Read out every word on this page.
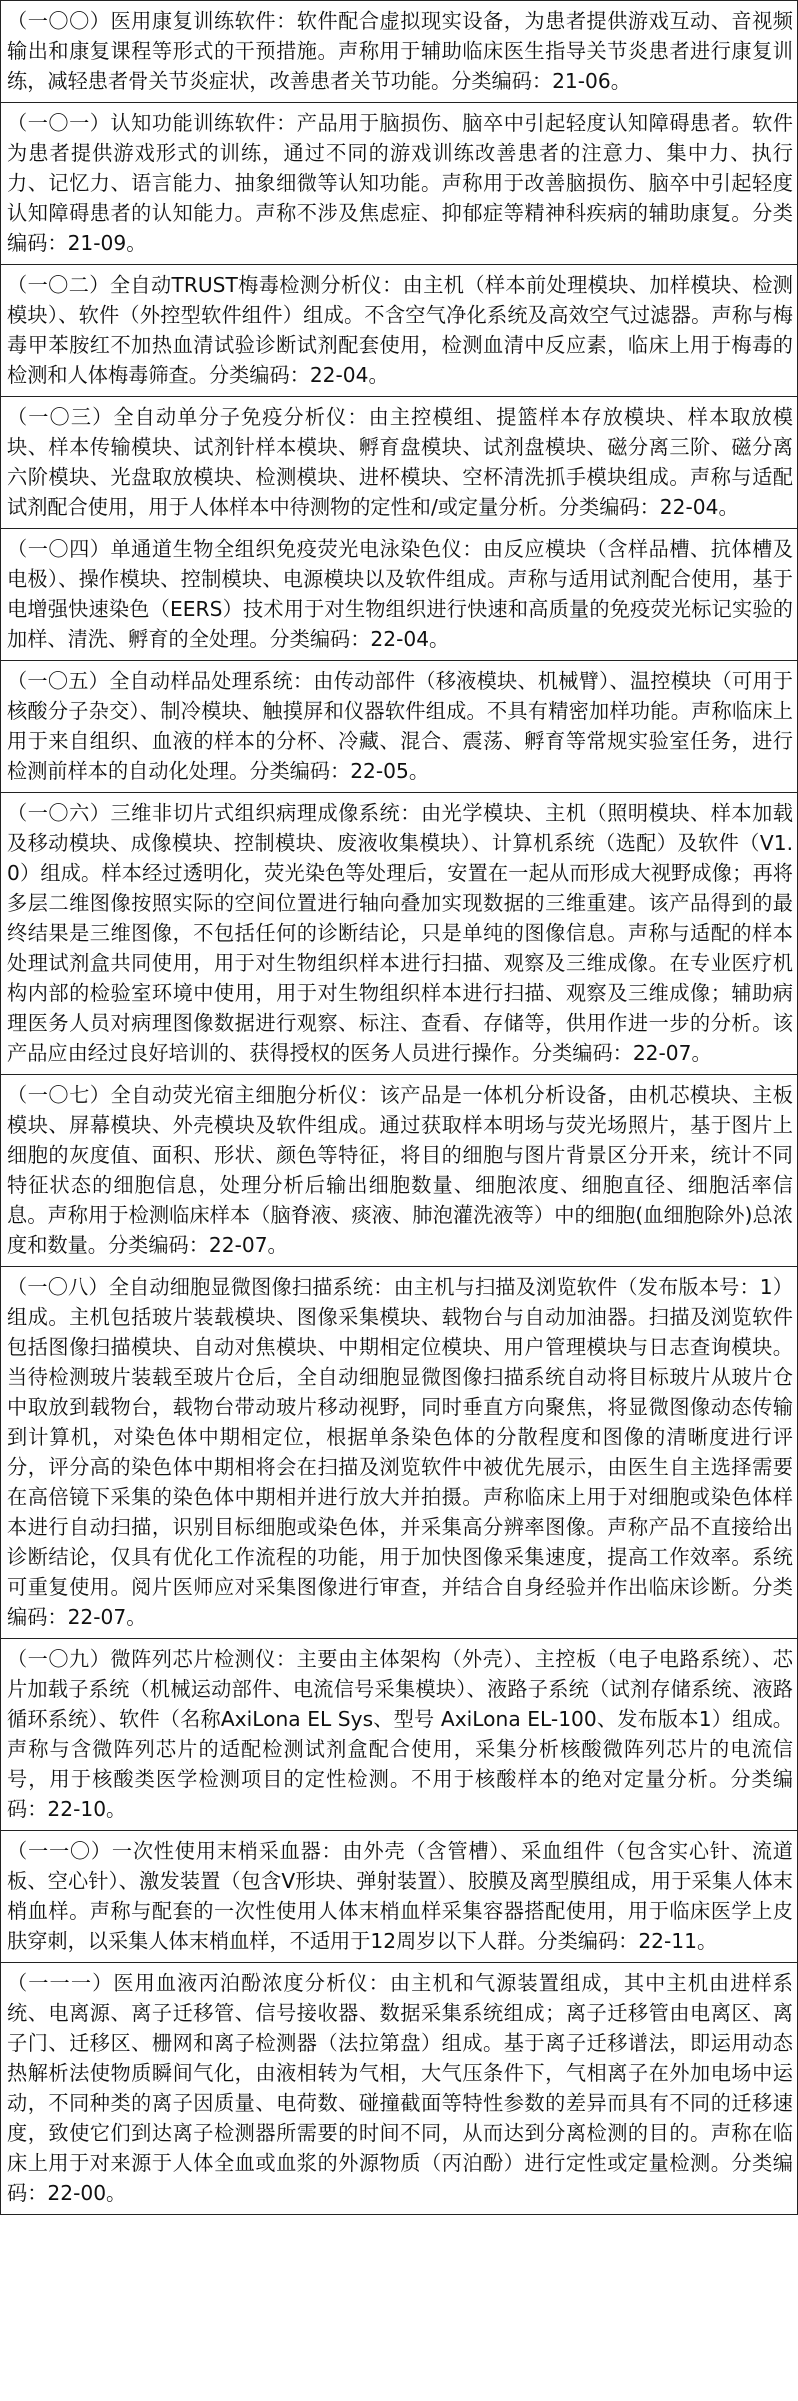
（一〇〇）医用康复训练软件：软件配合虚拟现实设备，为患者提供游戏互动、音视频输出和康复课程等形式的干预措施。声称用于辅助临床医生指导关节炎患者进行康复训练，减轻患者骨关节炎症状，改善患者关节功能。分类编码：21-06。
（一〇一）认知功能训练软件：产品用于脑损伤、脑卒中引起轻度认知障碍患者。软件为患者提供游戏形式的训练，通过不同的游戏训练改善患者的注意力、集中力、执行力、记忆力、语言能力、抽象细微等认知功能。声称用于改善脑损伤、脑卒中引起轻度认知障碍患者的认知能力。声称不涉及焦虑症、抑郁症等精神科疾病的辅助康复。分类编码：21-09。
（一〇二）全自动TRUST梅毒检测分析仪：由主机（样本前处理模块、加样模块、检测模块）、软件（外控型软件组件）组成。不含空气净化系统及高效空气过滤器。声称与梅毒甲苯胺红不加热血清试验诊断试剂配套使用，检测血清中反应素，临床上用于梅毒的检测和人体梅毒筛查。分类编码：22-04。
（一〇三）全自动单分子免疫分析仪：由主控模组、提篮样本存放模块、样本取放模块、样本传输模块、试剂针样本模块、孵育盘模块、试剂盘模块、磁分离三阶、磁分离六阶模块、光盘取放模块、检测模块、进杯模块、空杯清洗抓手模块组成。声称与适配试剂配合使用，用于人体样本中待测物的定性和/或定量分析。分类编码：22-04。
（一〇四）单通道生物全组织免疫荧光电泳染色仪：由反应模块（含样品槽、抗体槽及电极）、操作模块、控制模块、电源模块以及软件组成。声称与适用试剂配合使用，基于电增强快速染色（EERS）技术用于对生物组织进行快速和高质量的免疫荧光标记实验的加样、清洗、孵育的全处理。分类编码：22-04。
（一〇五）全自动样品处理系统：由传动部件（移液模块、机械臂）、温控模块（可用于核酸分子杂交）、制冷模块、触摸屏和仪器软件组成。不具有精密加样功能。声称临床上用于来自组织、血液的样本的分杯、冷藏、混合、震荡、孵育等常规实验室任务，进行检测前样本的自动化处理。分类编码：22-05。
（一〇六）三维非切片式组织病理成像系统：由光学模块、主机（照明模块、样本加载及移动模块、成像模块、控制模块、废液收集模块）、计算机系统（选配）及软件（V1.0）组成。样本经过透明化，荧光染色等处理后，安置在一起从而形成大视野成像；再将多层二维图像按照实际的空间位置进行轴向叠加实现数据的三维重建。该产品得到的最终结果是三维图像，不包括任何的诊断结论，只是单纯的图像信息。声称与适配的样本处理试剂盒共同使用，用于对生物组织样本进行扫描、观察及三维成像。在专业医疗机构内部的检验室环境中使用，用于对生物组织样本进行扫描、观察及三维成像；辅助病理医务人员对病理图像数据进行观察、标注、查看、存储等，供用作进一步的分析。该产品应由经过良好培训的、获得授权的医务人员进行操作。分类编码：22-07。
（一〇七）全自动荧光宿主细胞分析仪：该产品是一体机分析设备，由机芯模块、主板模块、屏幕模块、外壳模块及软件组成。通过获取样本明场与荧光场照片，基于图片上细胞的灰度值、面积、形状、颜色等特征，将目的细胞与图片背景区分开来，统计不同特征状态的细胞信息，处理分析后输出细胞数量、细胞浓度、细胞直径、细胞活率信息。声称用于检测临床样本（脑脊液、痰液、肺泡灌洗液等）中的细胞(血细胞除外)总浓度和数量。分类编码：22-07。
（一〇八）全自动细胞显微图像扫描系统：由主机与扫描及浏览软件（发布版本号：1）组成。主机包括玻片装载模块、图像采集模块、载物台与自动加油器。扫描及浏览软件包括图像扫描模块、自动对焦模块、中期相定位模块、用户管理模块与日志查询模块。当待检测玻片装载至玻片仓后，全自动细胞显微图像扫描系统自动将目标玻片从玻片仓中取放到载物台，载物台带动玻片移动视野，同时垂直方向聚焦，将显微图像动态传输到计算机，对染色体中期相定位，根据单条染色体的分散程度和图像的清晰度进行评分，评分高的染色体中期相将会在扫描及浏览软件中被优先展示，由医生自主选择需要在高倍镜下采集的染色体中期相并进行放大并拍摄。声称临床上用于对细胞或染色体样本进行自动扫描，识别目标细胞或染色体，并采集高分辨率图像。声称产品不直接给出诊断结论，仅具有优化工作流程的功能，用于加快图像采集速度，提高工作效率。系统可重复使用。阅片医师应对采集图像进行审查，并结合自身经验并作出临床诊断。分类编码：22-07。
（一〇九）微阵列芯片检测仪：主要由主体架构（外壳）、主控板（电子电路系统）、芯片加载子系统（机械运动部件、电流信号采集模块）、液路子系统（试剂存储系统、液路循环系统）、软件（名称AxiLona EL Sys、型号 AxiLona EL-100、发布版本1）组成。声称与含微阵列芯片的适配检测试剂盒配合使用，采集分析核酸微阵列芯片的电流信号，用于核酸类医学检测项目的定性检测。不用于核酸样本的绝对定量分析。分类编码：22-10。
（一一〇）一次性使用末梢采血器：由外壳（含管槽）、采血组件（包含实心针、流道板、空心针）、激发装置（包含V形块、弹射装置）、胶膜及离型膜组成，用于采集人体末梢血样。声称与配套的一次性使用人体末梢血样采集容器搭配使用，用于临床医学上皮肤穿刺，以采集人体末梢血样，不适用于12周岁以下人群。分类编码：22-11。
（一一一）医用血液丙泊酚浓度分析仪：由主机和气源装置组成，其中主机由进样系统、电离源、离子迁移管、信号接收器、数据采集系统组成；离子迁移管由电离区、离子门、迁移区、栅网和离子检测器（法拉第盘）组成。基于离子迁移谱法，即运用动态热解析法使物质瞬间气化，由液相转为气相，大气压条件下，气相离子在外加电场中运动，不同种类的离子因质量、电荷数、碰撞截面等特性参数的差异而具有不同的迁移速度，致使它们到达离子检测器所需要的时间不同，从而达到分离检测的目的。声称在临床上用于对来源于人体全血或血浆的外源物质（丙泊酚）进行定性或定量检测。分类编码：22-00。
